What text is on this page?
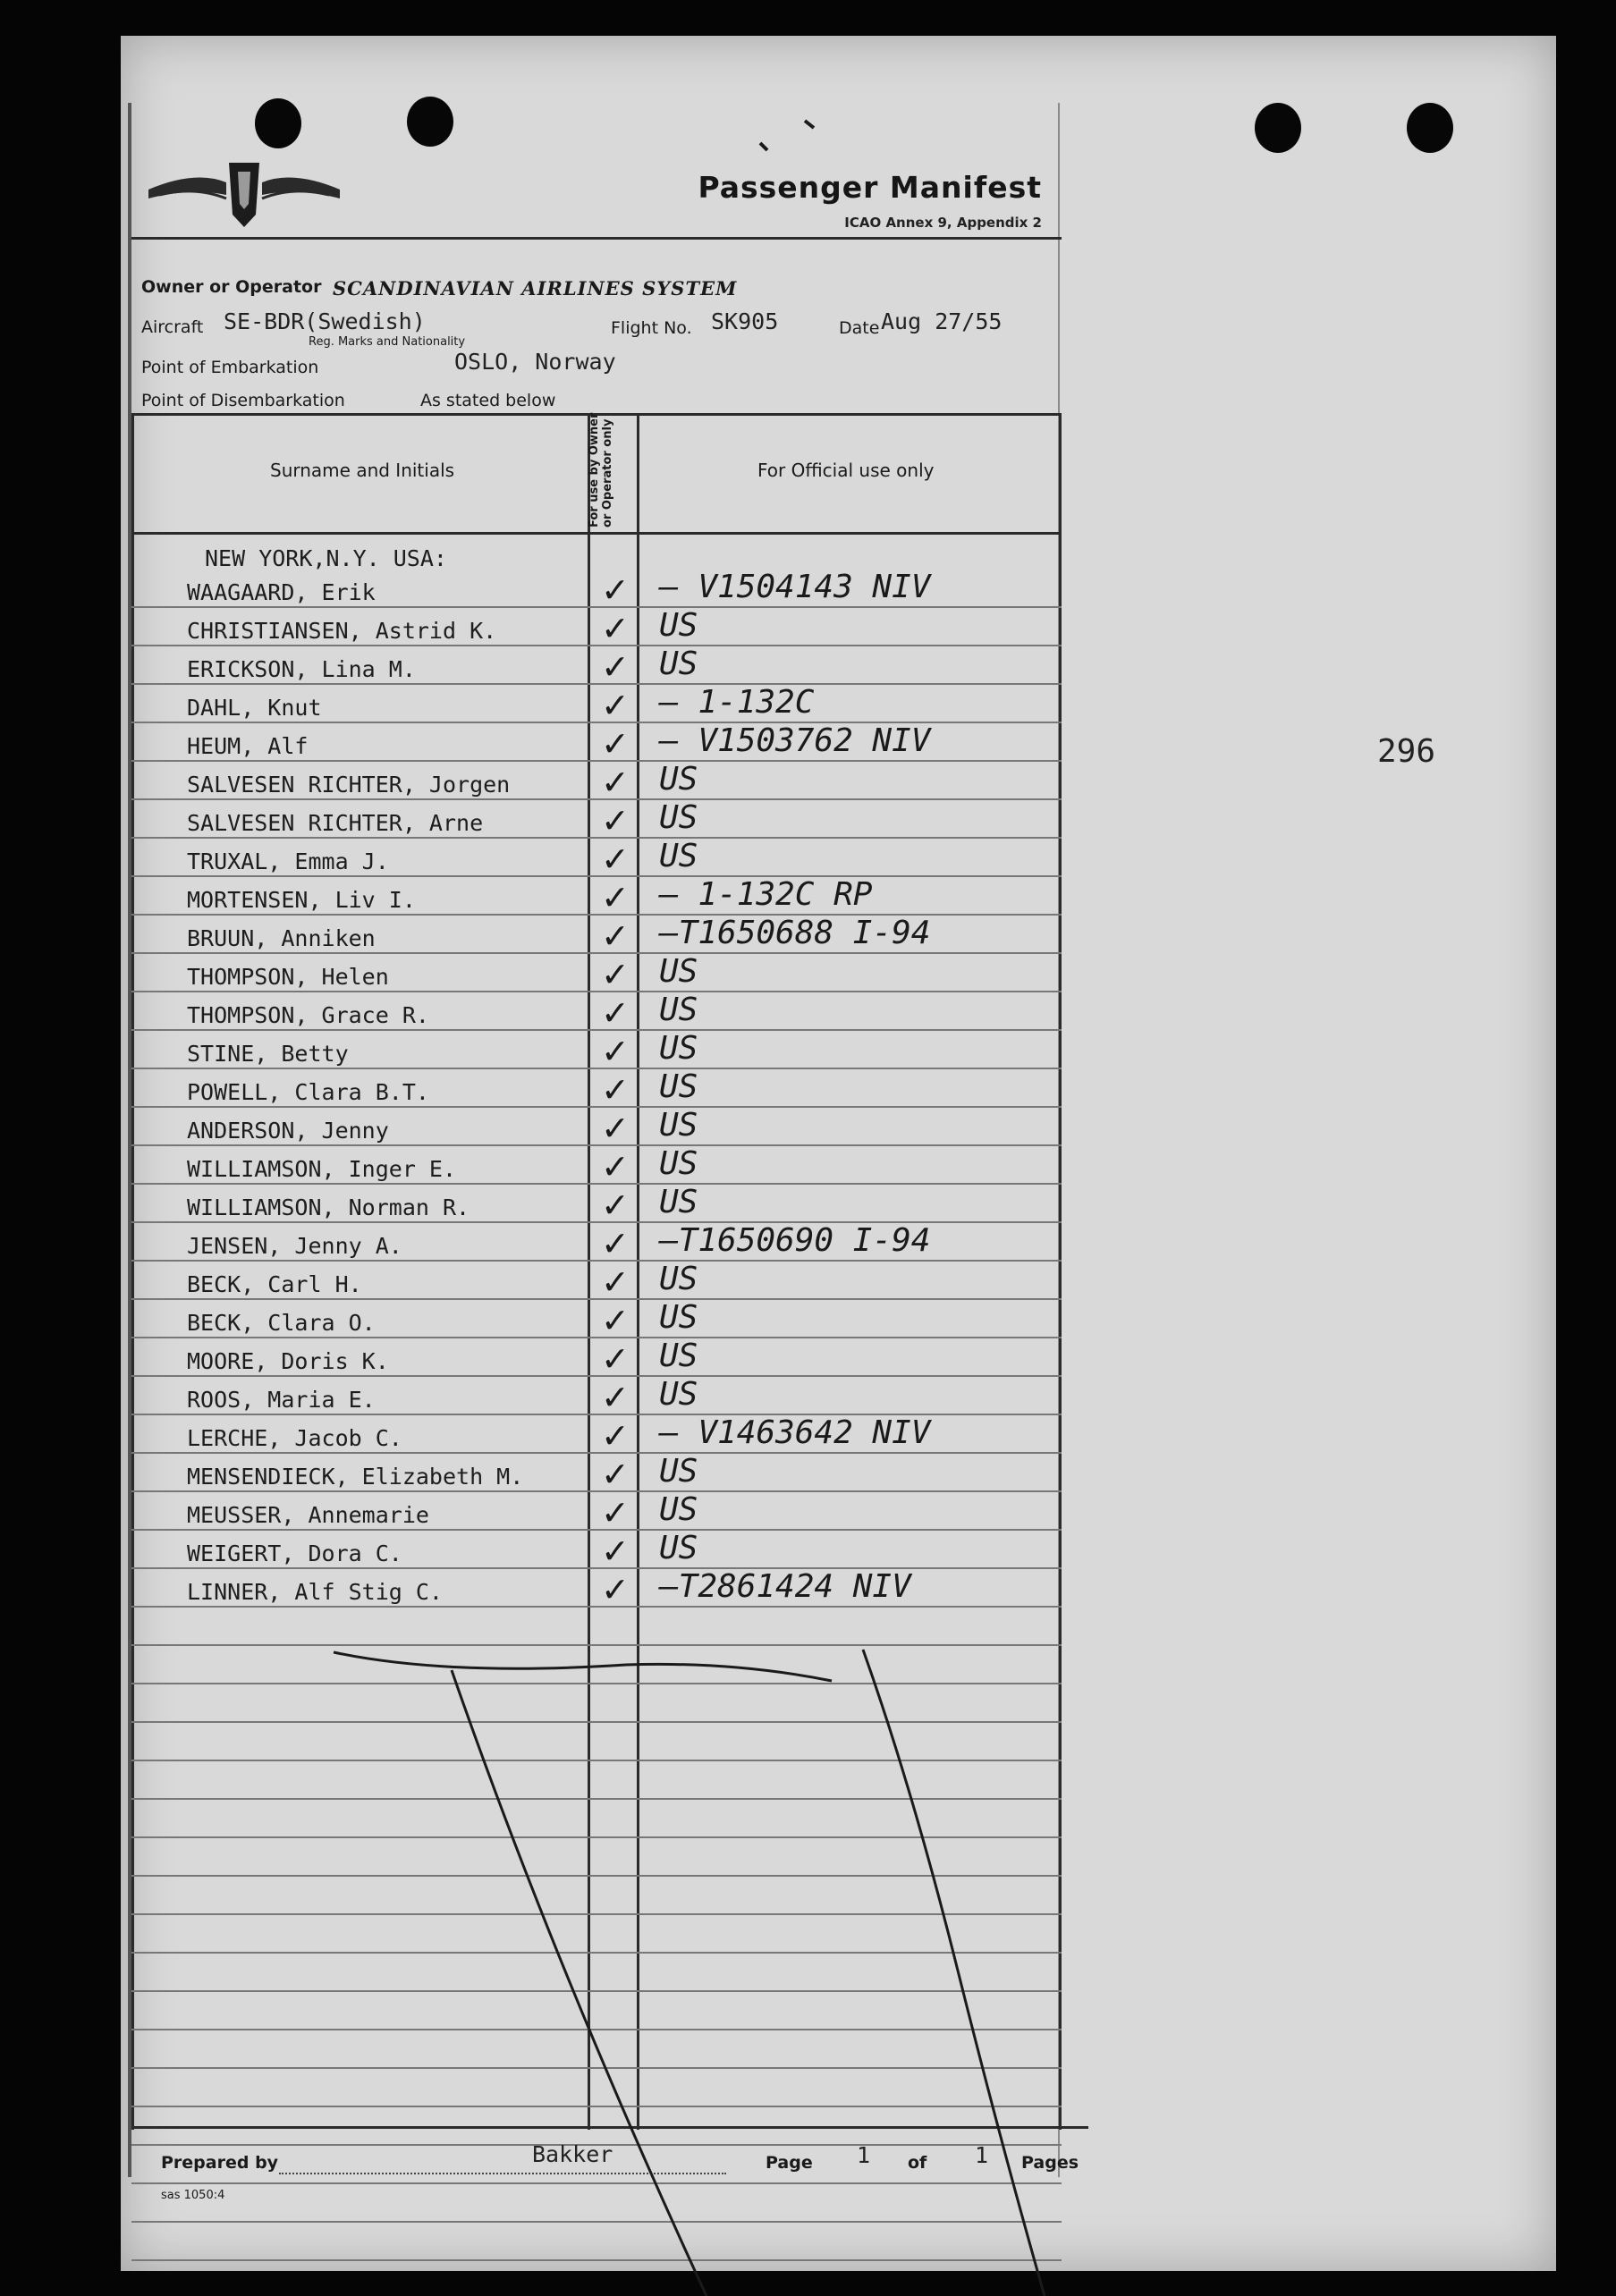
Passenger Manifest
ICAO Annex 9, Appendix 2
Owner or Operator SCANDINAVIAN AIRLINES SYSTEM
Aircraft SE-BDR(Swedish)
Reg. Marks and Nationality
Flight No. SK905	Date Aug 27/55
Point of Embarkation	OSLO, Norway
Point of Disembarkation	As stated below
Surname and Initials	For use by Owner or Operator only	For Official use only
NEW YORK,N.Y. USA:
WAAGAARD, Erik	✓ – V1504143 NIV
CHRISTIANSEN, Astrid K.	✓ US
ERICKSON, Lina M.	✓ US
DAHL, Knut	✓ – 1-132C
HEUM, Alf	✓ – V1503762 NIV
SALVESEN RICHTER, Jorgen	✓ US
SALVESEN RICHTER, Arne	✓ US
TRUXAL, Emma J.	✓ US
MORTENSEN, Liv I.	✓ – 1-132C RP
BRUUN, Anniken	✓ –T1650688 I-94
THOMPSON, Helen	✓ US
THOMPSON, Grace R.	✓ US
STINE, Betty	✓ US
POWELL, Clara B.T.	✓ US
ANDERSON, Jenny	✓ US
WILLIAMSON, Inger E.	✓ US
WILLIAMSON, Norman R.	✓ US
JENSEN, Jenny A.	✓ –T1650690 I-94
BECK, Carl H.	✓ US
BECK, Clara O.	✓ US
MOORE, Doris K.	✓ US
ROOS, Maria E.	✓ US
LERCHE, Jacob C.	✓ – V1463642 NIV
MENSENDIECK, Elizabeth M. ✓ US
MEUSSER, Annemarie	✓ US
WEIGERT, Dora C.	✓ US
LINNER, Alf Stig C.	✓ –T2861424 NIV
296
Prepared by	Bakker	Page 1 of 1 Pages
sas 1050:4
